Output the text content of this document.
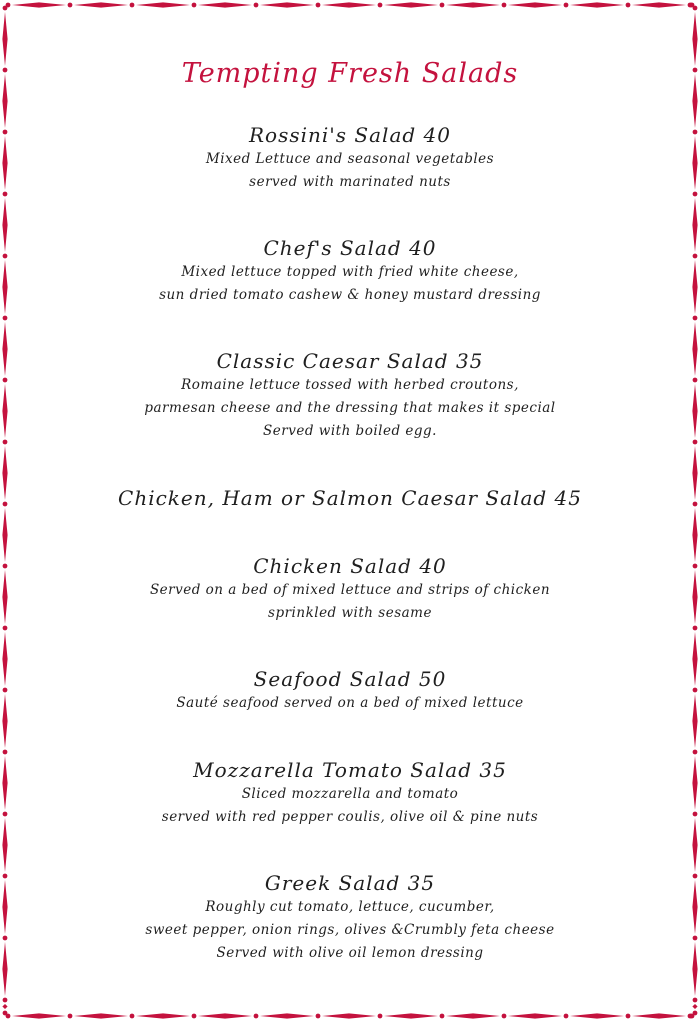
Tempting Fresh Salads
Rossini's Salad 40

Mixed Lettuce and seasonal vegetables
served with marinated nuts

Chef's Salad 40

Mixed lettuce topped with fried white cheese,
sun dried tomato cashew & honey mustard dressing

Classic Caesar Salad 35

Romaine lettuce tossed with herbed croutons,
parmesan cheese and the dressing that makes it special
Served with boiled egg.

Chicken, Ham or Salmon Caesar Salad 45
Chicken Salad 40

Served on a bed of mixed lettuce and strips of chicken
sprinkled with sesame

Seafood Salad 50

Sauté seafood served on a bed of mixed lettuce

Mozzarella Tomato Salad 35

Sliced mozzarella and tomato
served with red pepper coulis, olive oil & pine nuts

Greek Salad 35

Roughly cut tomato, lettuce, cucumber,
sweet pepper, onion rings, olives &Crumbly feta cheese
Served with olive oil lemon dressing
